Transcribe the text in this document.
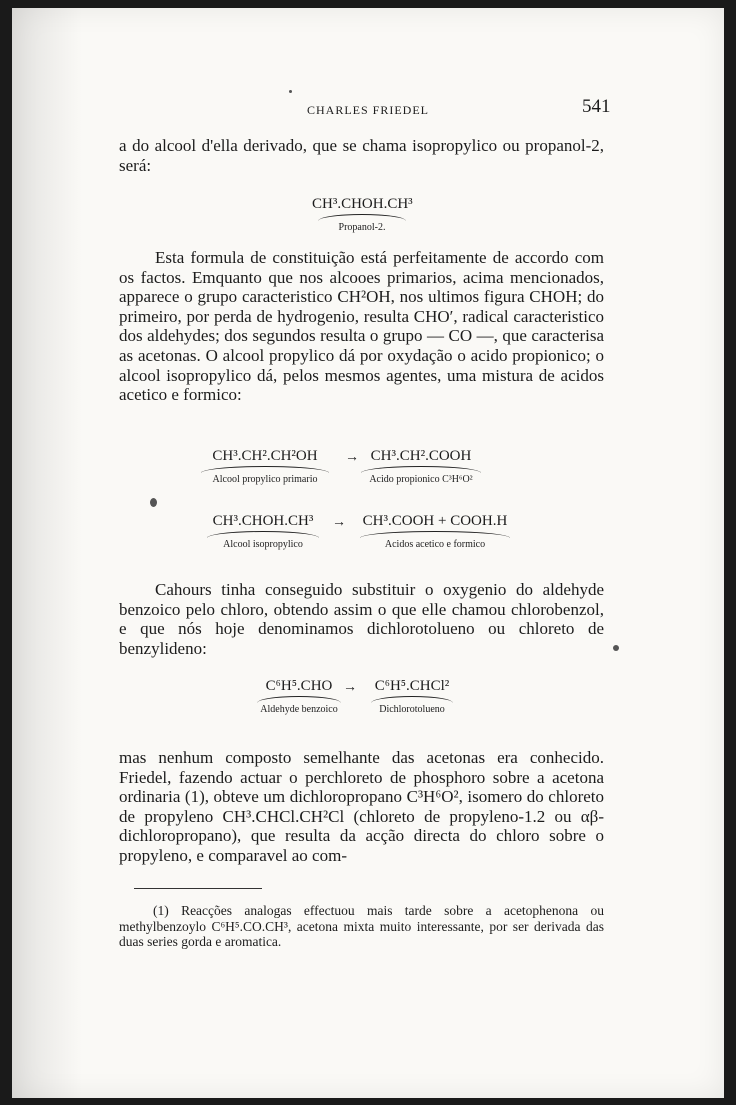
CHARLES FRIEDEL	541
a do alcool d'ella derivado, que se chama isopropylico ou propanol-2, será:
CH³.CHOH.CH³
Propanol-2.
Esta formula de constituição está perfeitamente de accordo com os factos. Emquanto que nos alcooes primarios, acima mencionados, apparece o grupo caracteristico CH²OH, nos ultimos figura CHOH; do primeiro, por perda de hydrogenio, resulta CHO′, radical caracteristico dos aldehydes; dos segundos resulta o grupo — CO —, que caracterisa as acetonas. O alcool propylico dá por oxydação o acido propionico; o alcool isopropylico dá, pelos mesmos agentes, uma mistura de acidos acetico e formico:
CH³.CH².CH²OH
Alcool propylico primario
→ CH³.CH².COOH
Acido propionico C³H⁶O²
CH³.CHOH.CH³
Alcool isopropylico
→	CH³.COOH + COOH.H
Acidos acetico e formico
Cahours tinha conseguido substituir o oxygenio do aldehyde benzoico pelo chloro, obtendo assim o que elle chamou chlorobenzol, e que nós hoje denominamos dichlorotolueno ou chloreto de benzylideno:
C⁶H⁵.CHO
Aldehyde benzoico
→	C⁶H⁵.CHCl²
Dichlorotolueno
mas nenhum composto semelhante das acetonas era conhecido. Friedel, fazendo actuar o perchloreto de phosphoro sobre a acetona ordinaria (1), obteve um dichloropropano C³H⁶O², isomero do chloreto de propyleno CH³.CHCl.CH²Cl (chloreto de propyleno-1.2 ou αβ-dichloropropano), que resulta da acção directa do chloro sobre o propyleno, e comparavel ao com-

(1) Reacções analogas effectuou mais tarde sobre a acetophenona ou methylbenzoylo C⁶H⁵.CO.CH³, acetona mixta muito interessante, por ser derivada das duas series gorda e aromatica.
